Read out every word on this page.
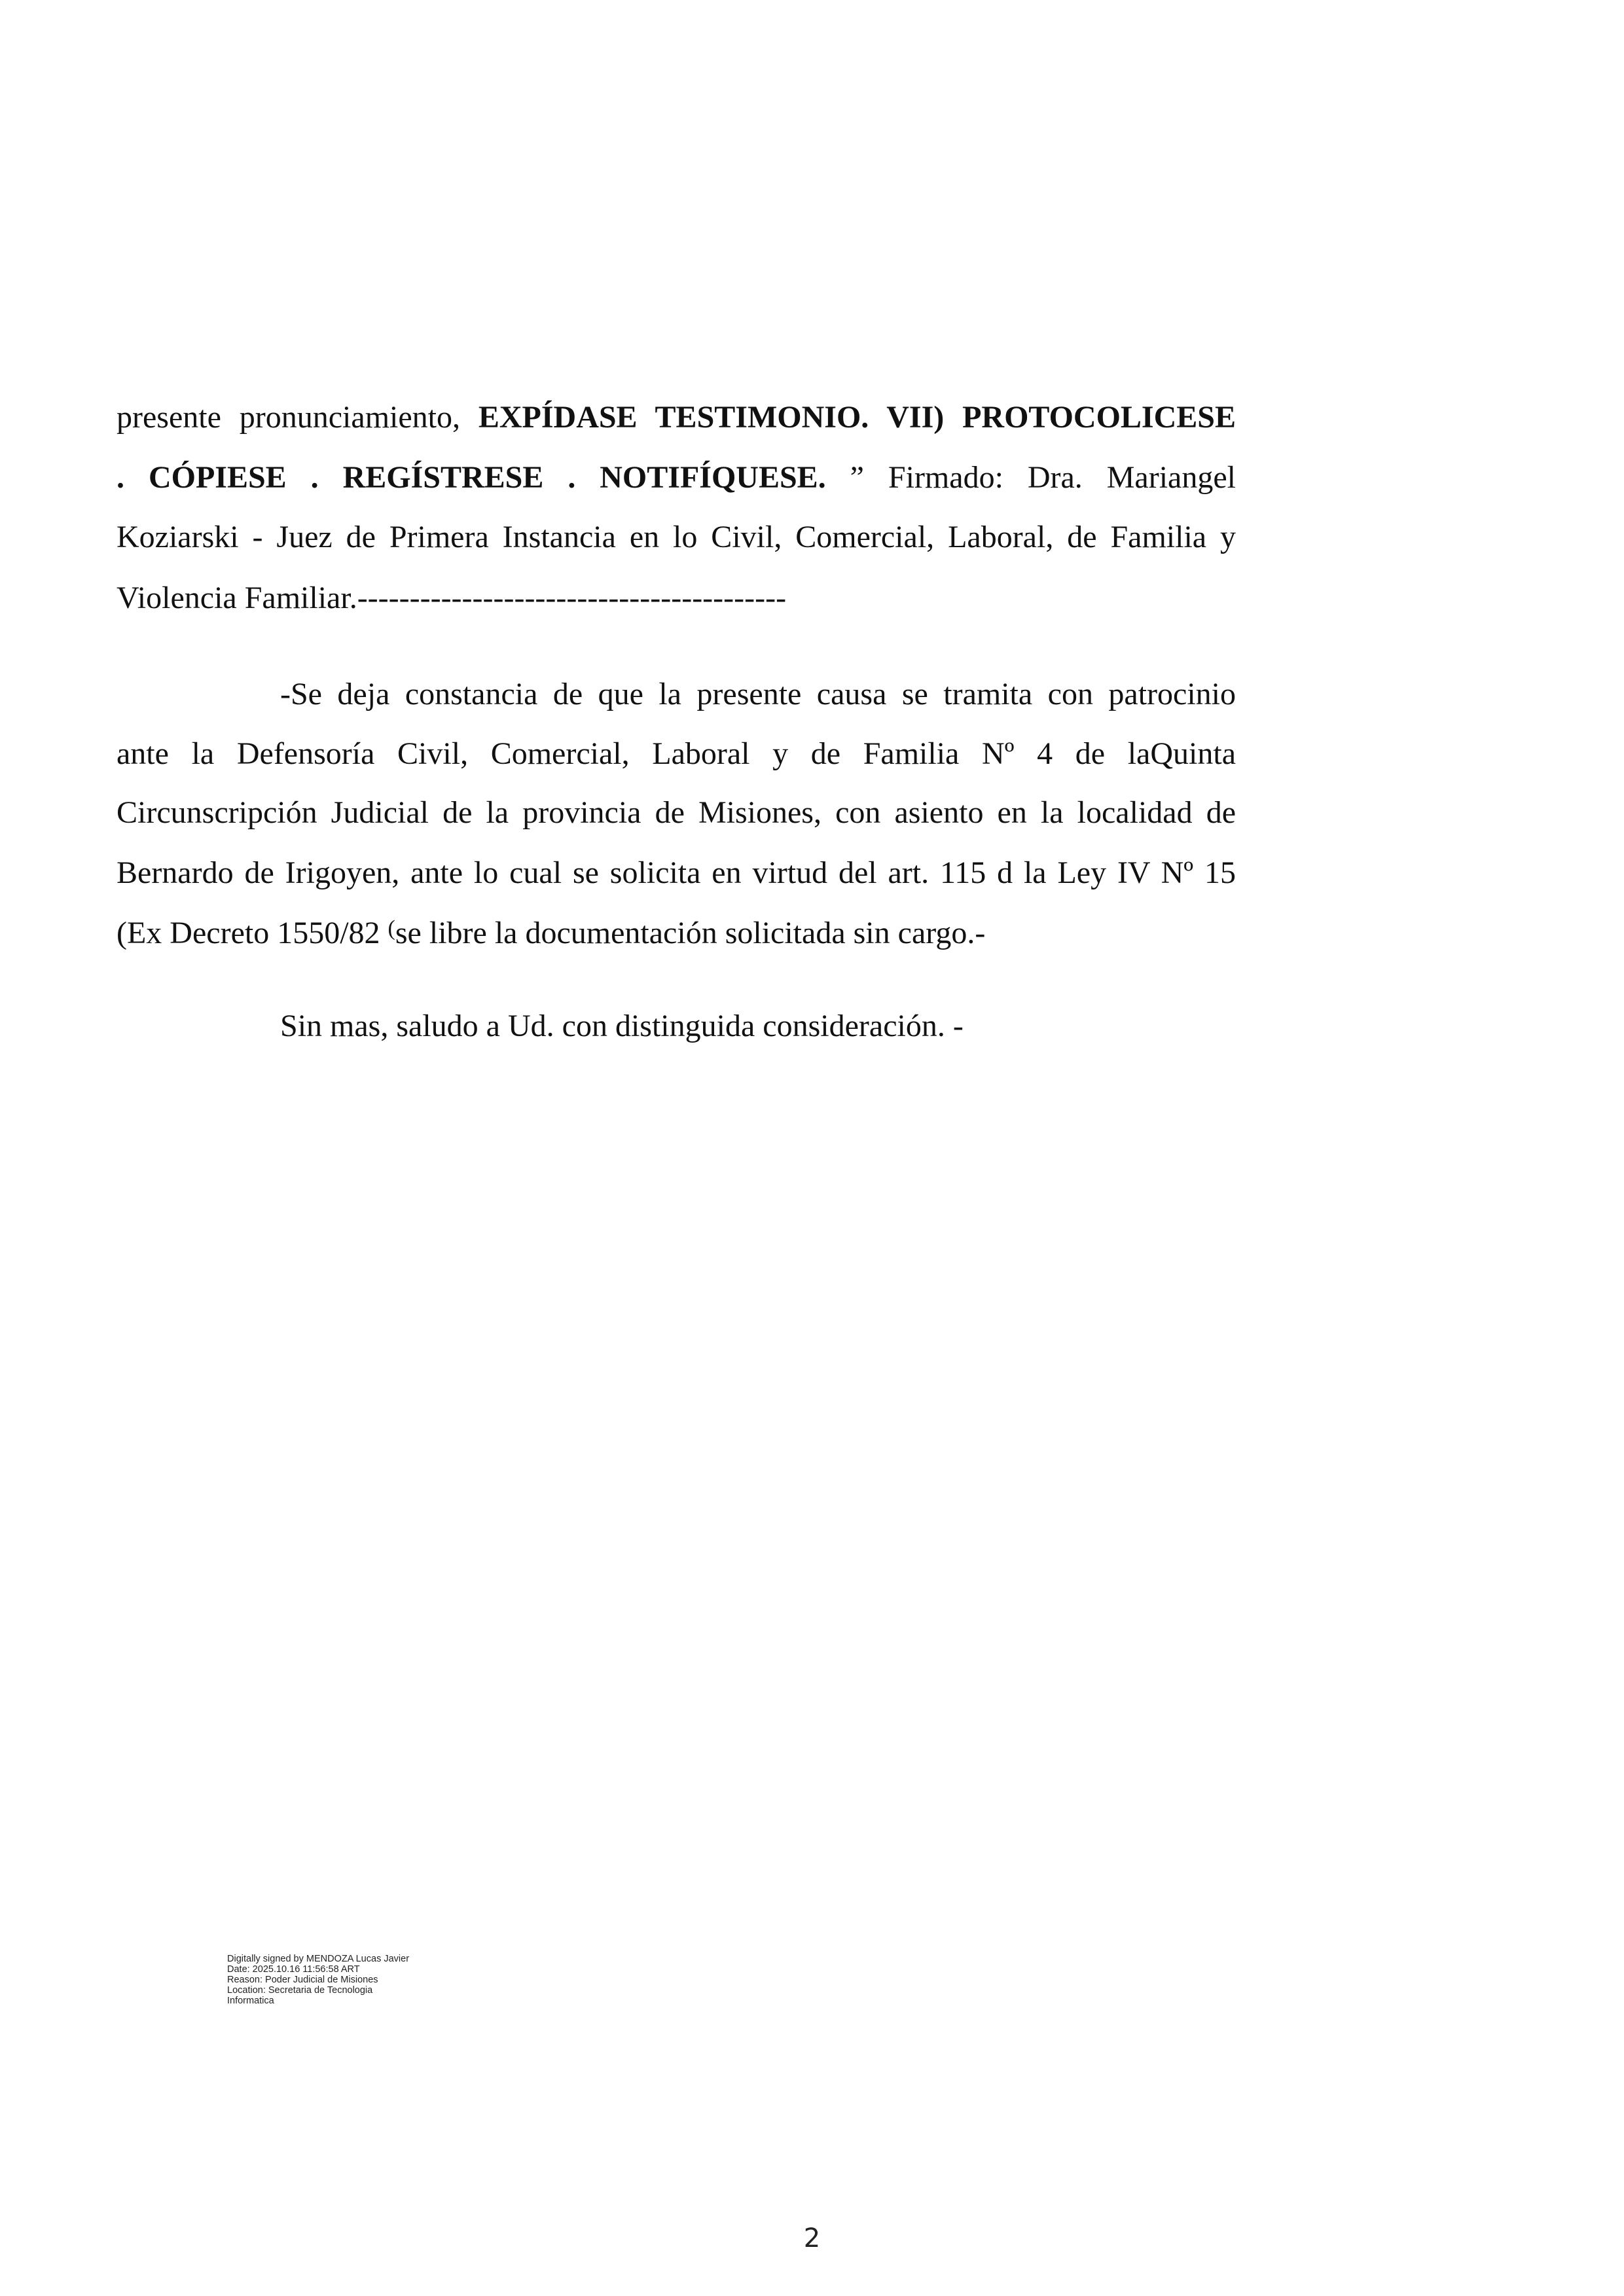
presente pronunciamiento, EXPÍDASE TESTIMONIO. VII) PROTOCOLICESE
. CÓPIESE . REGÍSTRESE . NOTIFÍQUESE. ” Firmado: Dra. Mariangel
Koziarski - Juez de Primera Instancia en lo Civil, Comercial, Laboral, de Familia y
Violencia Familiar.-----------------------------------------
-Se deja constancia de que la presente causa se tramita con patrocinio
ante la Defensoría Civil, Comercial, Laboral y de Familia Nº 4 de laQuinta
Circunscripción Judicial de la provincia de Misiones, con asiento en la localidad de
Bernardo de Irigoyen, ante lo cual se solicita en virtud del art. 115 d la Ley IV Nº 15
(Ex Decreto 1550/82 (se libre la documentación solicitada sin cargo.-
Sin mas, saludo a Ud. con distinguida consideración. -
Digitally signed by MENDOZA Lucas Javier
Date: 2025.10.16 11:56:58 ART
Reason: Poder Judicial de Misiones
Location: Secretaria de Tecnologia
Informatica
2
